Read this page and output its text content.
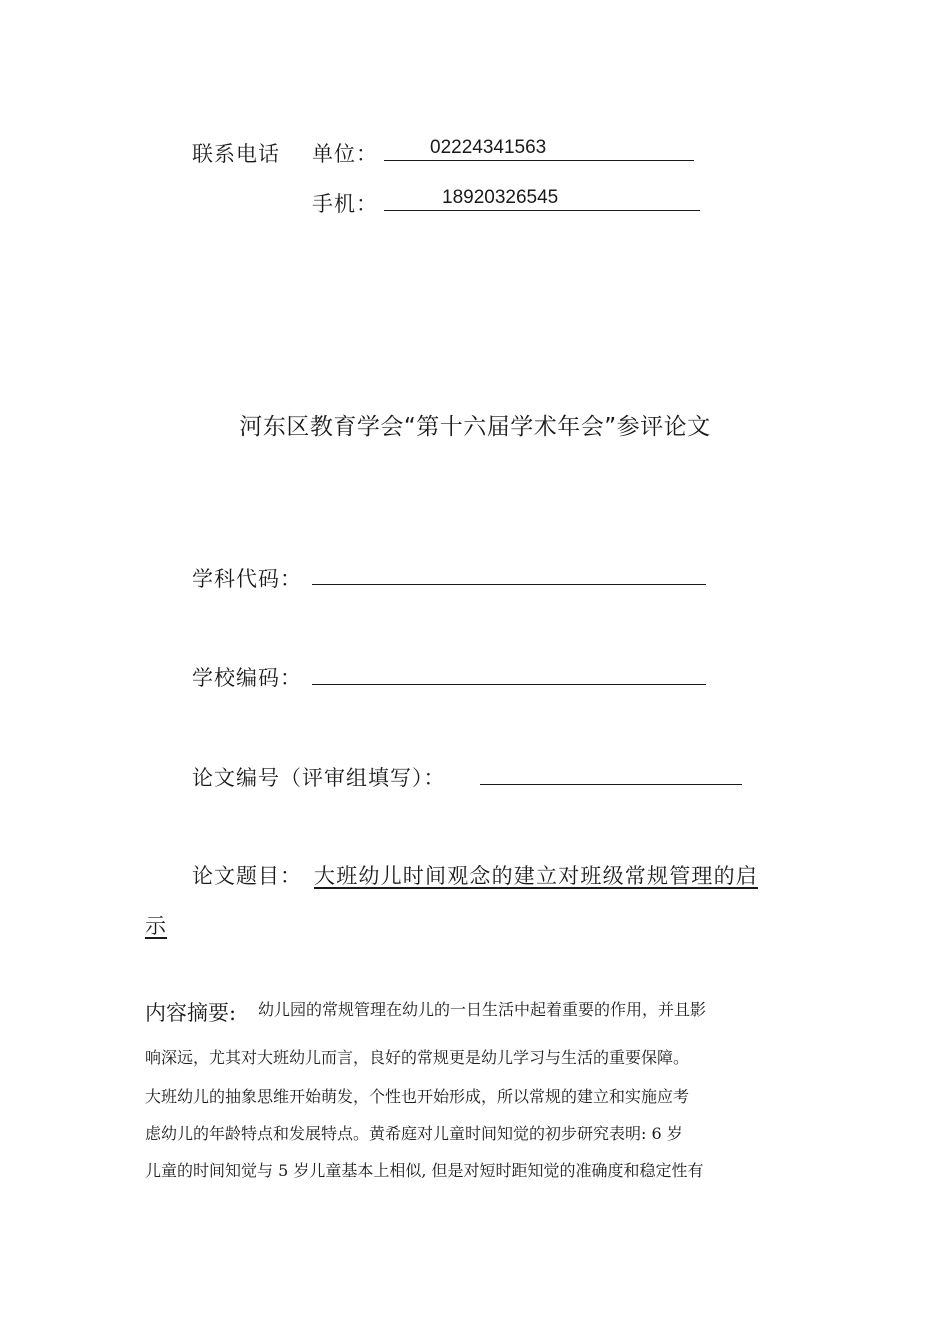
联系电话 单位：	02224341563
手机：	18920326545
河东区教育学会“第十六届学术年会”参评论文
学科代码：
学校编码：
论文编号（评审组填写）：
论文题目： 大班幼儿时间观念的建立对班级常规管理的启
示
内容摘要: 幼儿园的常规管理在幼儿的一日生活中起着重要的作用，并且影
响深远，尤其对大班幼儿而言，良好的常规更是幼儿学习与生活的重要保障。
大班幼儿的抽象思维开始萌发，个性也开始形成，所以常规的建立和实施应考
虑幼儿的年龄特点和发展特点。黄希庭对儿童时间知觉的初步研究表明: 6 岁
儿童的时间知觉与 5 岁儿童基本上相似, 但是对短时距知觉的准确度和稳定性有
